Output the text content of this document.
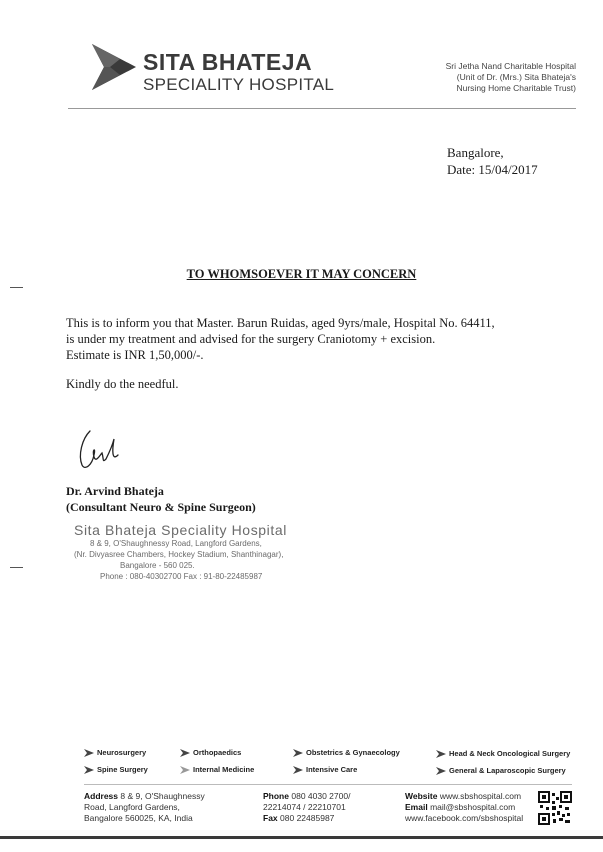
SITA BHATEJA
SPECIALITY HOSPITAL
Sri Jetha Nand Charitable Hospital
(Unit of Dr. (Mrs.) Sita Bhateja's
Nursing Home Charitable Trust)
Bangalore,
Date: 15/04/2017
TO WHOMSOEVER IT MAY CONCERN
This is to inform you that Master. Barun Ruidas, aged 9yrs/male, Hospital No. 64411,
is under my treatment and advised for the surgery Craniotomy + excision.
Estimate is INR 1,50,000/-.
Kindly do the needful.
Dr. Arvind Bhateja
(Consultant Neuro & Spine Surgeon)
Sita Bhateja Speciality Hospital
8 & 9, O'Shaughnessy Road, Langford Gardens,
(Nr. Divyasree Chambers, Hockey Stadium, Shanthinagar),
Bangalore - 560 025.
Phone : 080-40302700 Fax : 91-80-22485987
Neurosurgery	Orthopaedics	Obstetrics & Gynaecology	Head & Neck Oncological Surgery
Spine Surgery	Internal Medicine	Intensive Care	General & Laparoscopic Surgery
Address 8 & 9, O'Shaughnessy
Road, Langford Gardens,
Bangalore 560025, KA, India
Phone 080 4030 2700/
22214074 / 22210701
Fax 080 22485987
Website www.sbshospital.com
Email mail@sbshospital.com
www.facebook.com/sbshospital
